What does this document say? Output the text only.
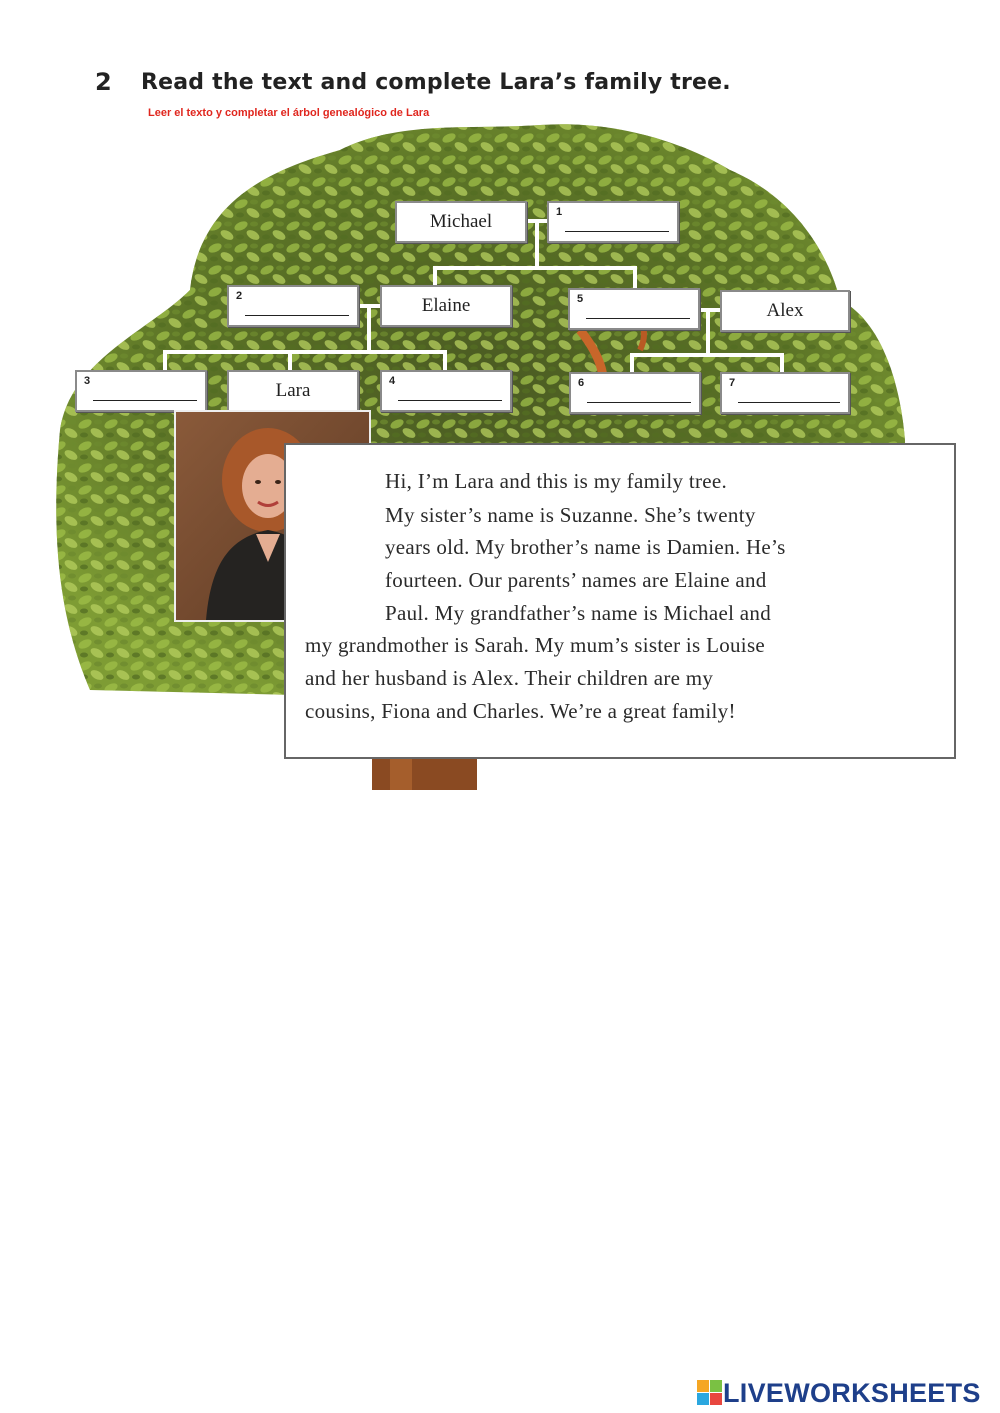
2 Read the text and complete Lara’s family tree.
Leer el texto y completar el árbol genealógico de Lara
Michael	1
2	Elaine	5
Alex
3	Lara	4	6	7
Hi, I’m Lara and this is my family tree.
My sister’s name is Suzanne. She’s twenty
years old. My brother’s name is Damien. He’s
fourteen. Our parents’ names are Elaine and
Paul. My grandfather’s name is Michael and
my grandmother is Sarah. My mum’s sister is Louise
and her husband is Alex. Their children are my
cousins, Fiona and Charles. We’re a great family!
LIVEWORKSHEETS
